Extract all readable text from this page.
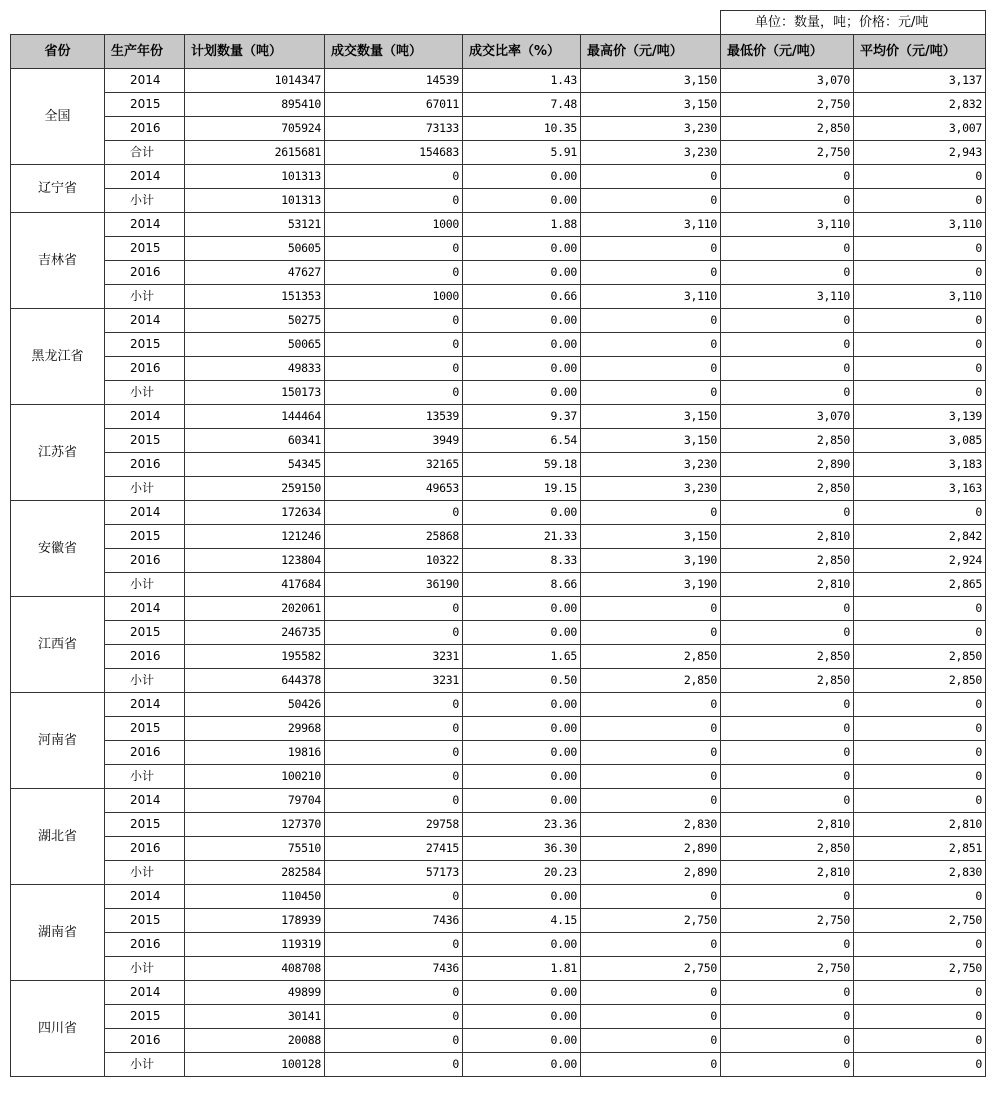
						单位：数量，吨；价格：元/吨	
省份	生产年份	计划数量（吨）	成交数量（吨）	成交比率（%）	最高价（元/吨）	最低价（元/吨）	平均价（元/吨）
全国	2014	1014347	14539	1.43	3,150	3,070	3,137
	2015	895410	67011	7.48	3,150	2,750	2,832
	2016	705924	73133	10.35	3,230	2,850	3,007
	合计	2615681	154683	5.91	3,230	2,750	2,943
辽宁省	2014	101313	0	0.00	0	0	0
	小计	101313	0	0.00	0	0	0
吉林省	2014	53121	1000	1.88	3,110	3,110	3,110
	2015	50605	0	0.00	0	0	0
	2016	47627	0	0.00	0	0	0
	小计	151353	1000	0.66	3,110	3,110	3,110
黑龙江省	2014	50275	0	0.00	0	0	0
	2015	50065	0	0.00	0	0	0
	2016	49833	0	0.00	0	0	0
	小计	150173	0	0.00	0	0	0
江苏省	2014	144464	13539	9.37	3,150	3,070	3,139
	2015	60341	3949	6.54	3,150	2,850	3,085
	2016	54345	32165	59.18	3,230	2,890	3,183
	小计	259150	49653	19.15	3,230	2,850	3,163
安徽省	2014	172634	0	0.00	0	0	0
	2015	121246	25868	21.33	3,150	2,810	2,842
	2016	123804	10322	8.33	3,190	2,850	2,924
	小计	417684	36190	8.66	3,190	2,810	2,865
江西省	2014	202061	0	0.00	0	0	0
	2015	246735	0	0.00	0	0	0
	2016	195582	3231	1.65	2,850	2,850	2,850
	小计	644378	3231	0.50	2,850	2,850	2,850
河南省	2014	50426	0	0.00	0	0	0
	2015	29968	0	0.00	0	0	0
	2016	19816	0	0.00	0	0	0
	小计	100210	0	0.00	0	0	0
湖北省	2014	79704	0	0.00	0	0	0
	2015	127370	29758	23.36	2,830	2,810	2,810
	2016	75510	27415	36.30	2,890	2,850	2,851
	小计	282584	57173	20.23	2,890	2,810	2,830
湖南省	2014	110450	0	0.00	0	0	0
	2015	178939	7436	4.15	2,750	2,750	2,750
	2016	119319	0	0.00	0	0	0
	小计	408708	7436	1.81	2,750	2,750	2,750
四川省	2014	49899	0	0.00	0	0	0
	2015	30141	0	0.00	0	0	0
	2016	20088	0	0.00	0	0	0
	小计	100128	0	0.00	0	0	0
